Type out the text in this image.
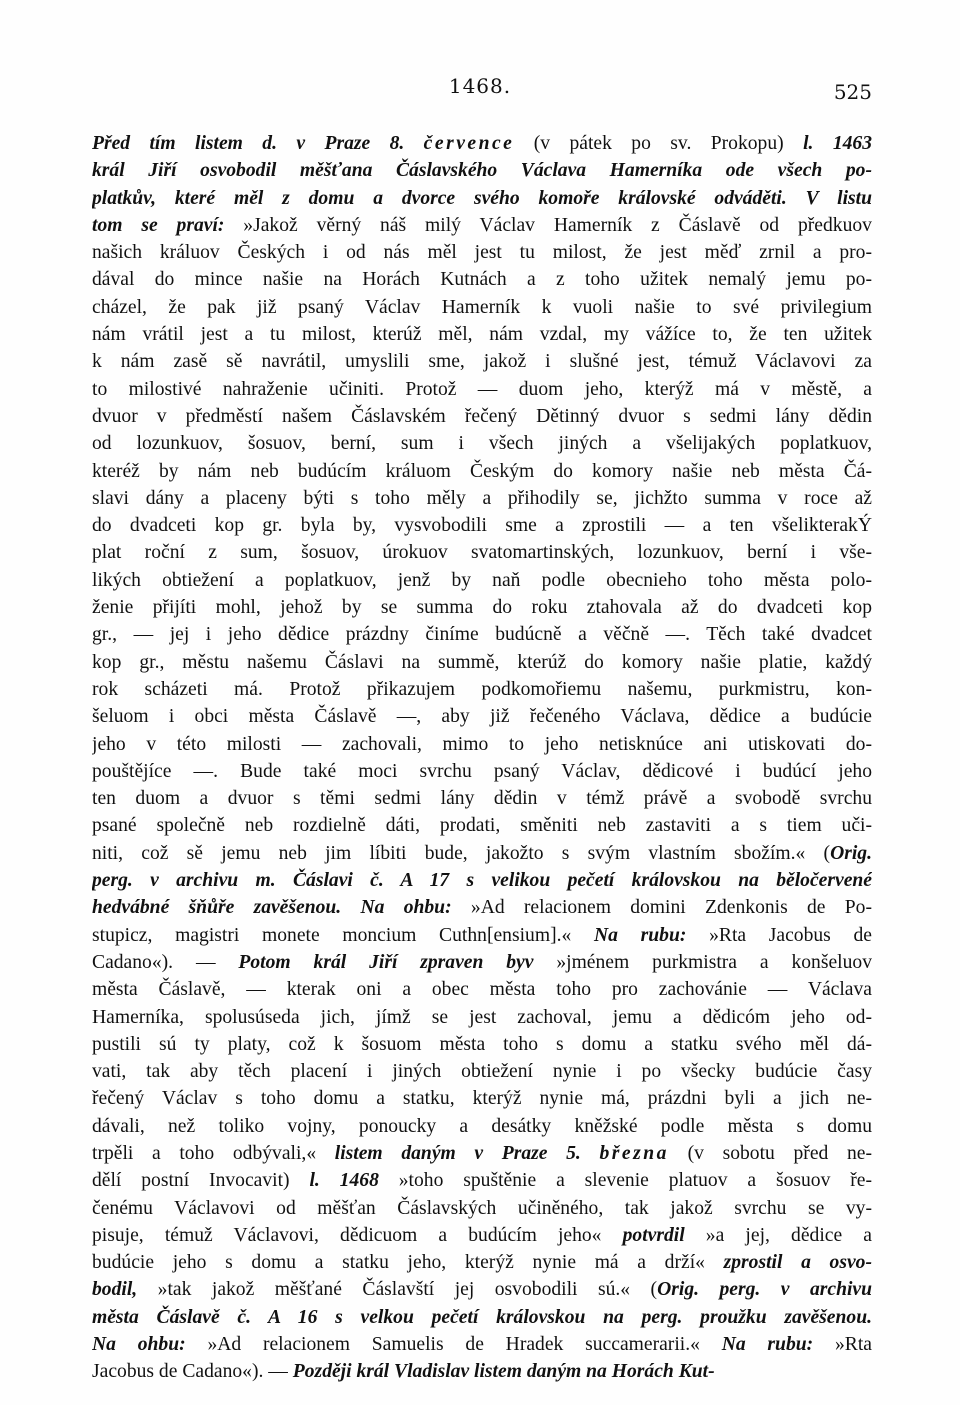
1468.	525
Před tím listem d. v Praze 8. července (v pátek po sv. Prokopu) l. 1463
král Jiří osvobodil měšťana Čáslavského Václava Hamerníka ode všech po-
platkův, které měl z domu a dvorce svého komoře královské odváděti. V listu
tom se praví: »Jakož věrný náš milý Václav Hamerník z Čáslavě od předkuov
našich králuov Českých i od nás měl jest tu milost, že jest měď zrnil a pro-
dával do mince našie na Horách Kutnách a z toho užitek nemalý jemu po-
cházel, že pak již psaný Václav Hamerník k vuoli našie to své privilegium
nám vrátil jest a tu milost, kterúž měl, nám vzdal, my vážíce to, že ten užitek
k nám zasě sě navrátil, umyslili sme, jakož i slušné jest, témuž Václavovi za
to milostivé nahraženie učiniti. Protož — duom jeho, kterýž má v městě, a
dvuor v předměstí našem Čáslavském řečený Dětinný dvuor s sedmi lány dědin
od lozunkuov, šosuov, berní, sum i všech jiných a všelijakých poplatkuov,
kteréž by nám neb budúcím králuom Českým do komory našie neb města Čá-
slavi dány a placeny býti s toho měly a přihodily se, jichžto summa v roce až
do dvadceti kop gr. byla by, vysvobodili sme a zprostili — a ten všelikterakÝ
plat roční z sum, šosuov, úrokuov svatomartinských, lozunkuov, berní i vše-
likých obtiežení a poplatkuov, jenž by naň podle obecnieho toho města polo-
ženie přijíti mohl, jehož by se summa do roku ztahovala až do dvadceti kop
gr., — jej i jeho dědice prázdny činíme budúcně a věčně —. Těch také dvadcet
kop gr., městu našemu Čáslavi na summě, kterúž do komory našie platie, každý
rok scházeti má. Protož přikazujem podkomořiemu našemu, purkmistru, kon-
šeluom i obci města Čáslavě —, aby již řečeného Václava, dědice a budúcie
jeho v této milosti — zachovali, mimo to jeho netisknúce ani utiskovati do-
pouštějíce —. Bude také moci svrchu psaný Václav, dědicové i budúcí jeho
ten duom a dvuor s těmi sedmi lány dědin v témž právě a svobodě svrchu
psané společně neb rozdielně dáti, prodati, směniti neb zastaviti a s tiem uči-
niti, což sě jemu neb jim líbiti bude, jakožto s svým vlastním sbožím.« (Orig.
perg. v archivu m. Čáslavi č. A 17 s velikou pečetí královskou na běločervené
hedvábné šňůře zavěšenou. Na ohbu: »Ad relacionem domini Zdenkonis de Po-
stupicz, magistri monete moncium Cuthn[ensium].« Na rubu: »Rta Jacobus de
Cadano«). — Potom král Jiří zpraven byv »jménem purkmistra a konšeluov
města Čáslavě, — kterak oni a obec města toho pro zachovánie — Václava
Hamerníka, spolusúseda jich, jímž se jest zachoval, jemu a dědicóm jeho od-
pustili sú ty platy, což k šosuom města toho s domu a statku svého měl dá-
vati, tak aby těch placení i jiných obtiežení nynie i po všecky budúcie časy
řečený Václav s toho domu a statku, kterýž nynie má, prázdni byli a jich ne-
dávali, než toliko vojny, ponoucky a desátky kněžské podle města s domu
trpěli a toho odbývali,« listem daným v Praze 5. března (v sobotu před ne-
dělí postní Invocavit) l. 1468 »toho spuštěnie a slevenie platuov a šosuov ře-
čenému Václavovi od měšťan Čáslavských učiněného, tak jakož svrchu se vy-
pisuje, témuž Václavovi, dědicuom a budúcím jeho« potvrdil »a jej, dědice a
budúcie jeho s domu a statku jeho, kterýž nynie má a drží« zprostil a osvo-
bodil, »tak jakož měšťané Čáslavští jej osvobodili sú.« (Orig. perg. v archivu
města Čáslavě č. A 16 s velkou pečetí královskou na perg. proužku zavěšenou.
Na ohbu: »Ad relacionem Samuelis de Hradek succamerarii.« Na rubu: »Rta
Jacobus de Cadano«). — Později král Vladislav listem daným na Horách Kut-
